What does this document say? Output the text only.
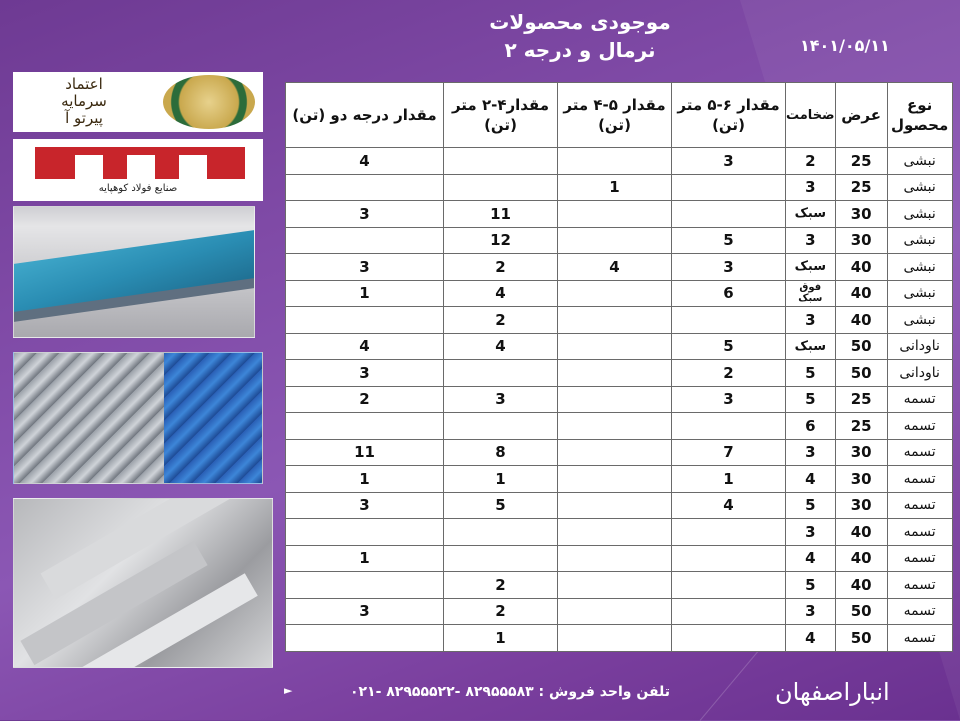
موجودی محصولات
نرمال و درجه ۲	۱۴۰۱/۰۵/۱۱
اعتماد
سرمایه
پیرتو آ
صنایع فولاد کوهپایه
نوع محصول	عرض	ضخامت	مقدار ۶-۵ متر (تن)	مقدار ۵-۴ متر (تن)	مقدار۴-۲ متر (تن)	مقدار درجه دو (تن)
نبشی	25	2	3			4
نبشی	25	3		1		
نبشی	30	سبک			11	3
نبشی	30	3	5		12	
نبشی	40	سبک	3	4	2	3
نبشی	40	فوق سبک	6		4	1
نبشی	40	3			2	
ناودانی	50	سبک	5		4	4
ناودانی	50	5	2			3
تسمه	25	5	3		3	2
تسمه	25	6				
تسمه	30	3	7		8	11
تسمه	30	4	1		1	1
تسمه	30	5	4		5	3
تسمه	40	3				
تسمه	40	4				1
تسمه	40	5			2	
تسمه	50	3			2	3
تسمه	50	4			1	
تلفن واحد فروش : ۸۲۹۵۵۵۸۳ -۸۲۹۵۵۵۲۲ -۰۲۱
►	انباراصفهان
